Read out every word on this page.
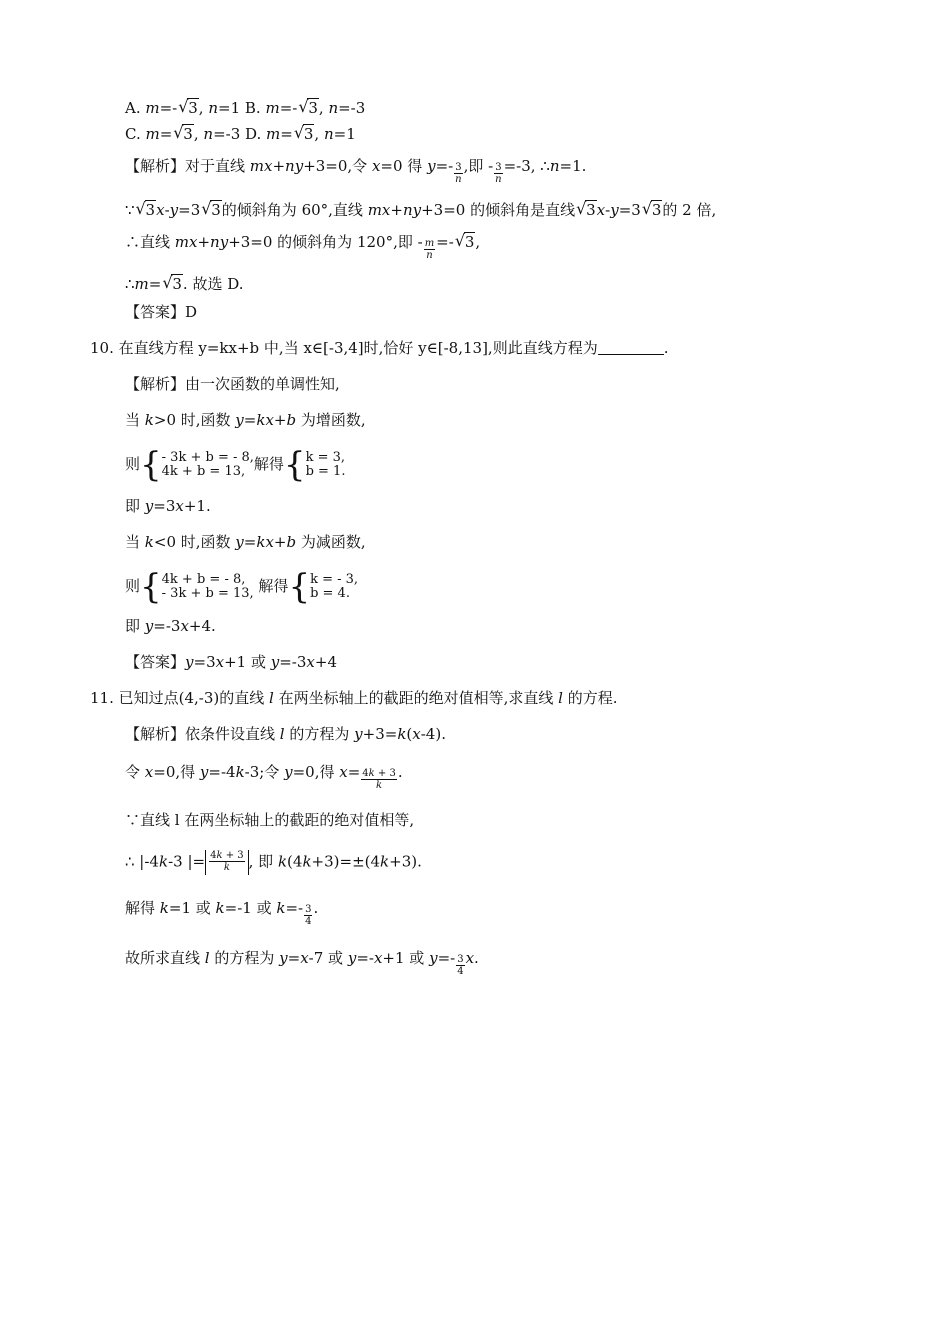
A. m=- √ 3, n=1 B. m=- √ 3, n=-3
C. m= √ 3, n=-3 D. m= √ 3, n=1
【解析】对于直线 mx+ny+3=0,令 x=0 得 $y=- \frac{3}{n}$ ,即 - $\frac{3}{n} =-3$, ∴n=1.
∵ √ 3x-y=3 √ 3的倾斜角为 60°,直线 mx+ny+3=0 的倾斜角是直线 √ 3x-y=3 √ 3的 2 倍,
∴直线 mx+ny+3=0 的倾斜角为 120°,即 - $\frac{m}{n}$ =- √ 3,
∴m= √ 3. 故选 D.
【答案】D
10. 在直线方程 y=kx+b 中,当 x∈[-3,4]时,恰好 y∈[-8,13],则此直线方程为	.
【解析】由一次函数的单调性知,
当 k>0 时,函数 y=kx+b 为增函数,
则{- 3k + b = - 8,
4k + b = 13, 解得{k = 3,
b = 1.
即 y=3x+1.
当 k<0 时,函数 y=kx+b 为减函数,
则{4k + b = - 8,
- 3k + b = 13, 解得{k = - 3,
b = 4.
即 y=-3x+4.
【答案】y=3x+1 或 y=-3x+4
11. 已知过点(4,-3)的直线 l 在两坐标轴上的截距的绝对值相等,求直线 l 的方程.
【解析】依条件设直线 l 的方程为 y+3=k(x-4).
令 x=0,得 y=-4k-3;令 y=0,得 $x= \frac{4k + 3}{k}$ .
∵直线 l 在两坐标轴上的截距的绝对值相等,
∴ |-4k-3 |= $\frac{4k + 3}{k}$ , 即 k(4k+3)=±(4k+3).
解得 k=1 或 k=-1 或 $k=- \frac{3}{4}$ .
故所求直线 l 的方程为 y=x-7 或 y=-x+1 或 $y=- \frac{3}{4} x$.
